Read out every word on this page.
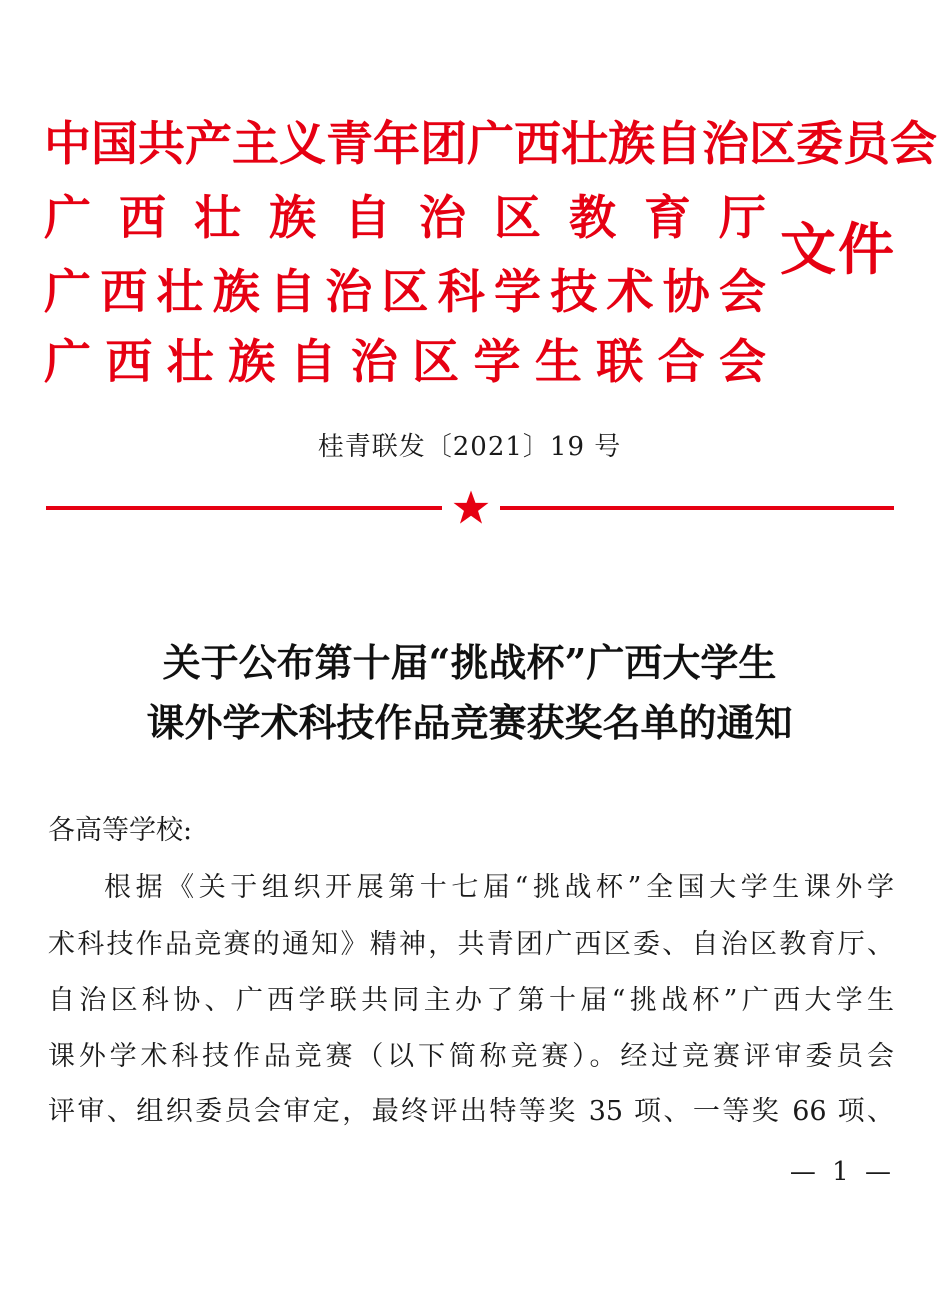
中 国 共 产 主 义 青 年 团 广 西 壮 族 自 治 区 委 员 会
广 西 壮 族 自 治 区 教 育 厅
广 西 壮 族 自 治 区 科 学 技 术 协 会
广 西 壮 族 自 治 区 学 生 联 合 会
文件
桂青联发〔2021〕19 号
关于公布第十届“挑战杯”广西大学生
课外学术科技作品竞赛获奖名单的通知
各高等学校:
根据《关于组织开展第十七届“挑战杯”全国大学生课外学
术科技作品竞赛的通知》精神，共青团广西区委、自治区教育厅、
自治区科协、广西学联共同主办了第十届“挑战杯”广西大学生
课外学术科技作品竞赛（以下简称竞赛）。经过竞赛评审委员会
评审、组织委员会审定，最终评出特等奖 35 项、一等奖 66 项、
— 1 —
